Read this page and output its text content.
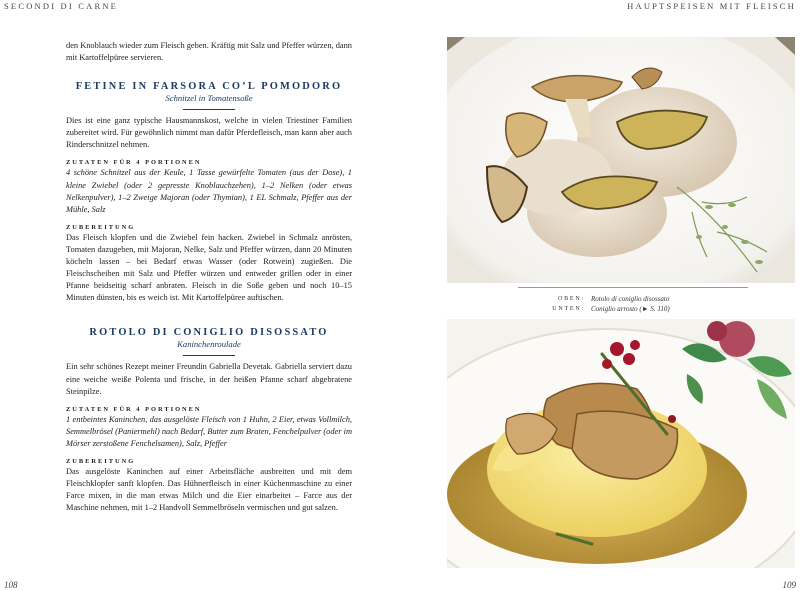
SECONDI DI CARNE	HAUPTSPEISEN MIT FLEISCH

den Knoblauch wieder zum Fleisch geben. Kräftig mit Salz und Pfeffer würzen, dann mit Kartoffelpüree servieren.

FETINE IN FARSORA CO’L POMODORO

Schnitzel in Tomatensoße

Dies ist eine ganz typische Hausmannskost, welche in vielen Triestiner Familien zubereitet wird. Für gewöhnlich nimmt man dafür Pferdefleisch, man kann aber auch Rinderschnitzel nehmen.

ZUTATEN FÜR 4 PORTIONEN

4 schöne Schnitzel aus der Keule, 1 Tasse gewürfelte Tomaten (aus der Dose), 1 kleine Zwiebel (oder 2 gepresste Knoblauchzehen), 1–2 Nelken (oder etwas Nelkenpulver), 1–2 Zweige Majoran (oder Thymian), 1 EL Schmalz, Pfeffer aus der Mühle, Salz

ZUBEREITUNG

Das Fleisch klopfen und die Zwiebel fein hacken. Zwiebel in Schmalz anrösten, Tomaten dazugeben, mit Majoran, Nelke, Salz und Pfeffer würzen, dann 20 Minuten köcheln lassen – bei Bedarf etwas Wasser (oder Rotwein) zugießen. Die Fleischscheiben mit Salz und Pfeffer würzen und entweder grillen oder in einer Pfanne beidseitig scharf anbraten. Fleisch in die Soße geben und noch 10–15 Minuten dünsten, bis es weich ist. Mit Kartoffelpüree auftischen.

ROTOLO DI CONIGLIO DISOSSATO

Kaninchenroulade

Ein sehr schönes Rezept meiner Freundin Gabriella Devetak. Gabriella serviert dazu eine weiche weiße Polenta und frische, in der heißen Pfanne scharf abgebratene Steinpilze.

ZUTATEN FÜR 4 PORTIONEN

1 entbeintes Kaninchen, das ausgelöste Fleisch von 1 Huhn, 2 Eier, etwas Vollmilch, Semmelbrösel (Paniermehl) nach Bedarf, Butter zum Braten, Fenchelpulver (oder im Mörser zerstoßene Fenchelsamen), Salz, Pfeffer

ZUBEREITUNG

Das ausgelöste Kaninchen auf einer Arbeitsfläche ausbreiten und mit dem Fleischklopfer sanft klopfen. Das Hühnerfleisch in einer Küchenmaschine zu einer Farce mixen, in die man etwas Milch und die Eier einarbeitet – Farce aus der Maschine nehmen, mit 1–2 Handvoll Semmelbröseln vermischen und gut salzen.

OBEN: Rotolo di coniglio disossato
UNTEN: Coniglio arrosto (► S. 110)
108	109
